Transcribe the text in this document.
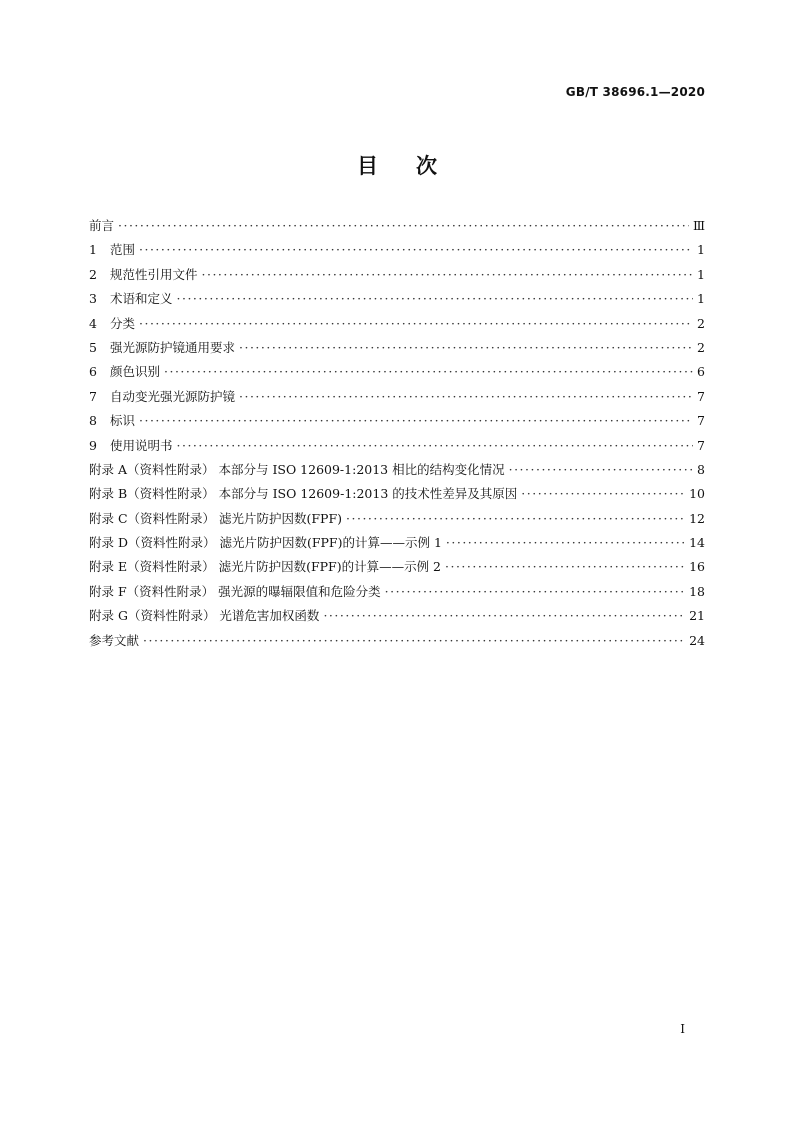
GB/T 38696.1—2020
目 次
前言 ·····	Ⅲ
1 范围 ·····	1
2 规范性引用文件 ·····	1
3 术语和定义 ·····	1
4 分类 ·····	2
5 强光源防护镜通用要求 ·····	2
6 颜色识别 ·····	6
7 自动变光强光源防护镜 ·····	7
8 标识 ·····	7
9 使用说明书 ·····	7
附录 A（资料性附录） 本部分与 ISO 12609-1:2013 相比的结构变化情况 ·····	8
附录 B（资料性附录） 本部分与 ISO 12609-1:2013 的技术性差异及其原因 ·····	10
附录 C（资料性附录） 滤光片防护因数(FPF) ·····	12
附录 D（资料性附录） 滤光片防护因数(FPF)的计算——示例 1 ·····	14
附录 E（资料性附录） 滤光片防护因数(FPF)的计算——示例 2 ·····	16
附录 F（资料性附录） 强光源的曝辐限值和危险分类 ·····	18
附录 G（资料性附录） 光谱危害加权函数 ·····	21
参考文献 ·····	24
I
